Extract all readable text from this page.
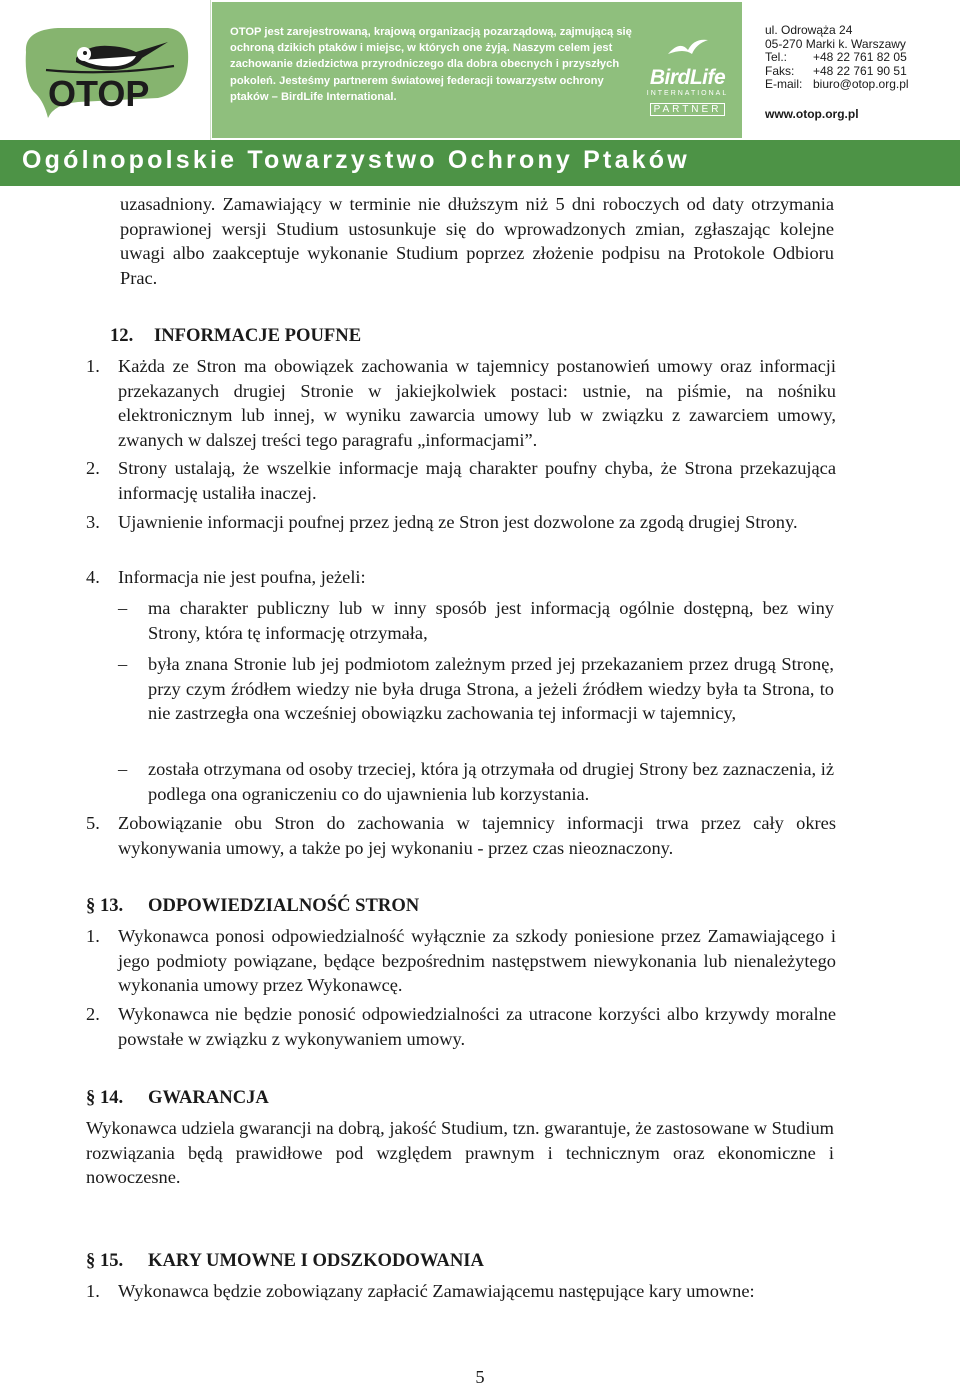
OTOP
OTOP jest zarejestrowaną, krajową organizacją pozarządową, zajmującą się ochroną dzikich ptaków i miejsc, w których one żyją. Naszym celem jest zachowanie dziedzictwa przyrodniczego dla dobra obecnych i przyszłych pokoleń. Jesteśmy partnerem światowej federacji towarzystw ochrony ptaków – BirdLife International.
BirdLife
INTERNATIONAL
PARTNER
ul. Odrowąża 24
05-270 Marki k. Warszawy
Tel.: +48 22 761 82 05
Faks: +48 22 761 90 51
E-mail: biuro@otop.org.pl
www.otop.org.pl
Ogólnopolskie Towarzystwo Ochrony Ptaków
uzasadniony. Zamawiający w terminie nie dłuższym niż 5 dni roboczych od daty otrzymania poprawionej wersji Studium ustosunkuje się do wprowadzonych zmian, zgłaszając kolejne uwagi albo zaakceptuje wykonanie Studium poprzez złożenie podpisu na Protokole Odbioru Prac.
12. INFORMACJE POUFNE
1. Każda ze Stron ma obowiązek zachowania w tajemnicy postanowień umowy oraz informacji przekazanych drugiej Stronie w jakiejkolwiek postaci: ustnie, na piśmie, na nośniku elektronicznym lub innej, w wyniku zawarcia umowy lub w związku z zawarciem umowy, zwanych w dalszej treści tego paragrafu „informacjami”.
2. Strony ustalają, że wszelkie informacje mają charakter poufny chyba, że Strona przekazująca informację ustaliła inaczej.
3. Ujawnienie informacji poufnej przez jedną ze Stron jest dozwolone za zgodą drugiej Strony.
4. Informacja nie jest poufna, jeżeli:
– ma charakter publiczny lub w inny sposób jest informacją ogólnie dostępną, bez winy Strony, która tę informację otrzymała,
– była znana Stronie lub jej podmiotom zależnym przed jej przekazaniem przez drugą Stronę, przy czym źródłem wiedzy nie była druga Strona, a jeżeli źródłem wiedzy była ta Strona, to nie zastrzegła ona wcześniej obowiązku zachowania tej informacji w tajemnicy,
– została otrzymana od osoby trzeciej, która ją otrzymała od drugiej Strony bez zaznaczenia, iż podlega ona ograniczeniu co do ujawnienia lub korzystania.
5. Zobowiązanie obu Stron do zachowania w tajemnicy informacji trwa przez cały okres wykonywania umowy, a także po jej wykonaniu - przez czas nieoznaczony.
§ 13. ODPOWIEDZIALNOŚĆ STRON
1. Wykonawca ponosi odpowiedzialność wyłącznie za szkody poniesione przez Zamawiającego i jego podmioty powiązane, będące bezpośrednim następstwem niewykonania lub nienależytego wykonania umowy przez Wykonawcę.
2. Wykonawca nie będzie ponosić odpowiedzialności za utracone korzyści albo krzywdy moralne powstałe w związku z wykonywaniem umowy.
§ 14. GWARANCJA
Wykonawca udziela gwarancji na dobrą, jakość Studium, tzn. gwarantuje, że zastosowane w Studium rozwiązania będą prawidłowe pod względem prawnym i technicznym oraz ekonomiczne i nowoczesne.
§ 15. KARY UMOWNE I ODSZKODOWANIA
1. Wykonawca będzie zobowiązany zapłacić Zamawiającemu następujące kary umowne:
5
